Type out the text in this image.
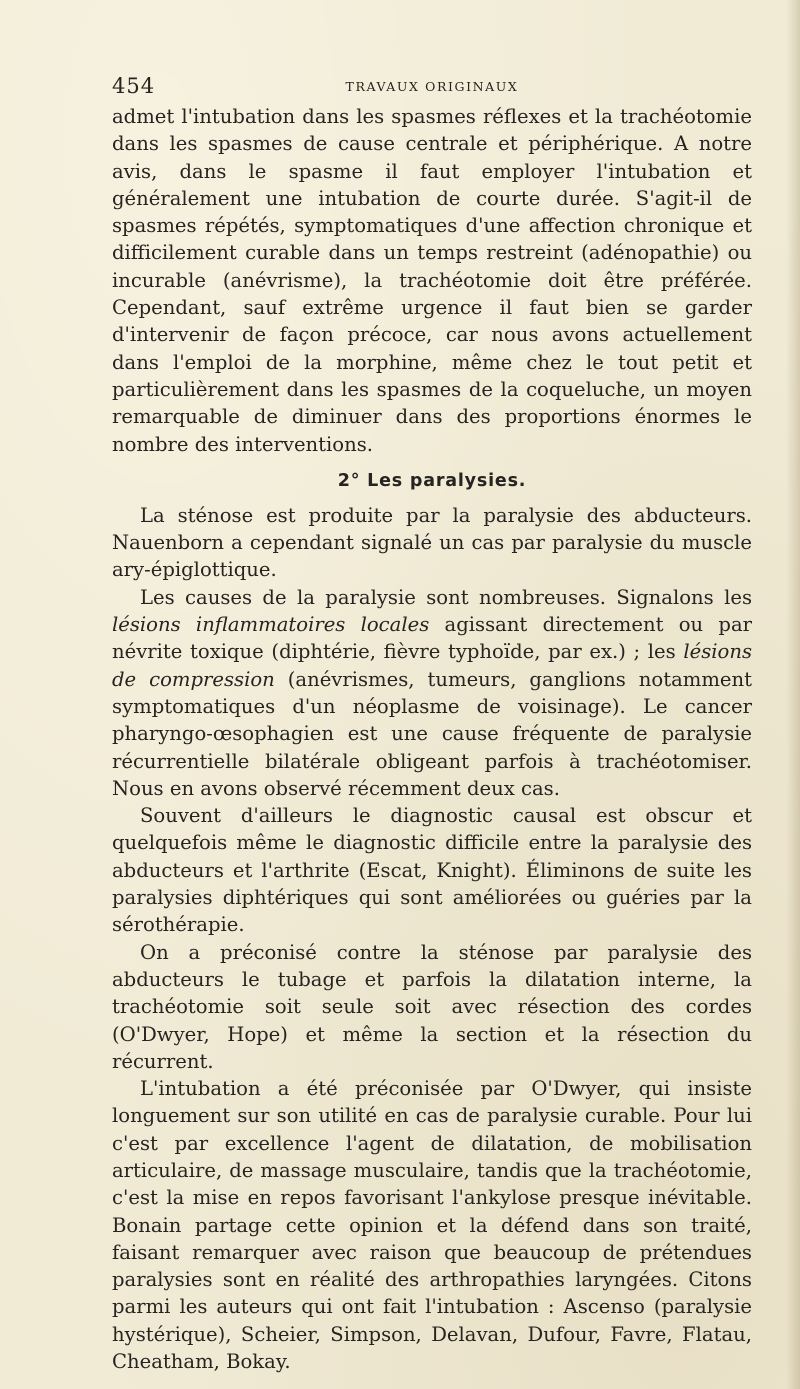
454	TRAVAUX ORIGINAUX

admet l'intubation dans les spasmes réflexes et la trachéotomie dans les spasmes de cause centrale et périphérique. A notre avis, dans le spasme il faut employer l'intubation et généralement une intubation de courte durée. S'agit-il de spasmes répétés, symptomatiques d'une affection chronique et difficilement curable dans un temps restreint (adénopathie) ou incurable (anévrisme), la trachéotomie doit être préférée. Cependant, sauf extrême urgence il faut bien se garder d'intervenir de façon précoce, car nous avons actuellement dans l'emploi de la morphine, même chez le tout petit et particulièrement dans les spasmes de la coqueluche, un moyen remarquable de diminuer dans des proportions énormes le nombre des interventions.

2° Les paralysies.

La sténose est produite par la paralysie des abducteurs. Nauenborn a cependant signalé un cas par paralysie du muscle ary-épiglottique.

Les causes de la paralysie sont nombreuses. Signalons les lésions inflammatoires locales agissant directement ou par névrite toxique (diphtérie, fièvre typhoïde, par ex.) ; les lésions de compression (anévrismes, tumeurs, ganglions notamment symptomatiques d'un néoplasme de voisinage). Le cancer pharyngo-œsophagien est une cause fréquente de paralysie récurrentielle bilatérale obligeant parfois à trachéotomiser. Nous en avons observé récemment deux cas.

Souvent d'ailleurs le diagnostic causal est obscur et quelquefois même le diagnostic difficile entre la paralysie des abducteurs et l'arthrite (Escat, Knight). Éliminons de suite les paralysies diphtériques qui sont améliorées ou guéries par la sérothérapie.

On a préconisé contre la sténose par paralysie des abducteurs le tubage et parfois la dilatation interne, la trachéotomie soit seule soit avec résection des cordes (O'Dwyer, Hope) et même la section et la résection du récurrent.

L'intubation a été préconisée par O'Dwyer, qui insiste longuement sur son utilité en cas de paralysie curable. Pour lui c'est par excellence l'agent de dilatation, de mobilisation articulaire, de massage musculaire, tandis que la trachéotomie, c'est la mise en repos favorisant l'ankylose presque inévitable. Bonain partage cette opinion et la défend dans son traité, faisant remarquer avec raison que beaucoup de prétendues paralysies sont en réalité des arthropathies laryngées. Citons parmi les auteurs qui ont fait l'intubation : Ascenso (paralysie hystérique), Scheier, Simpson, Delavan, Dufour, Favre, Flatau, Cheatham, Bokay.
